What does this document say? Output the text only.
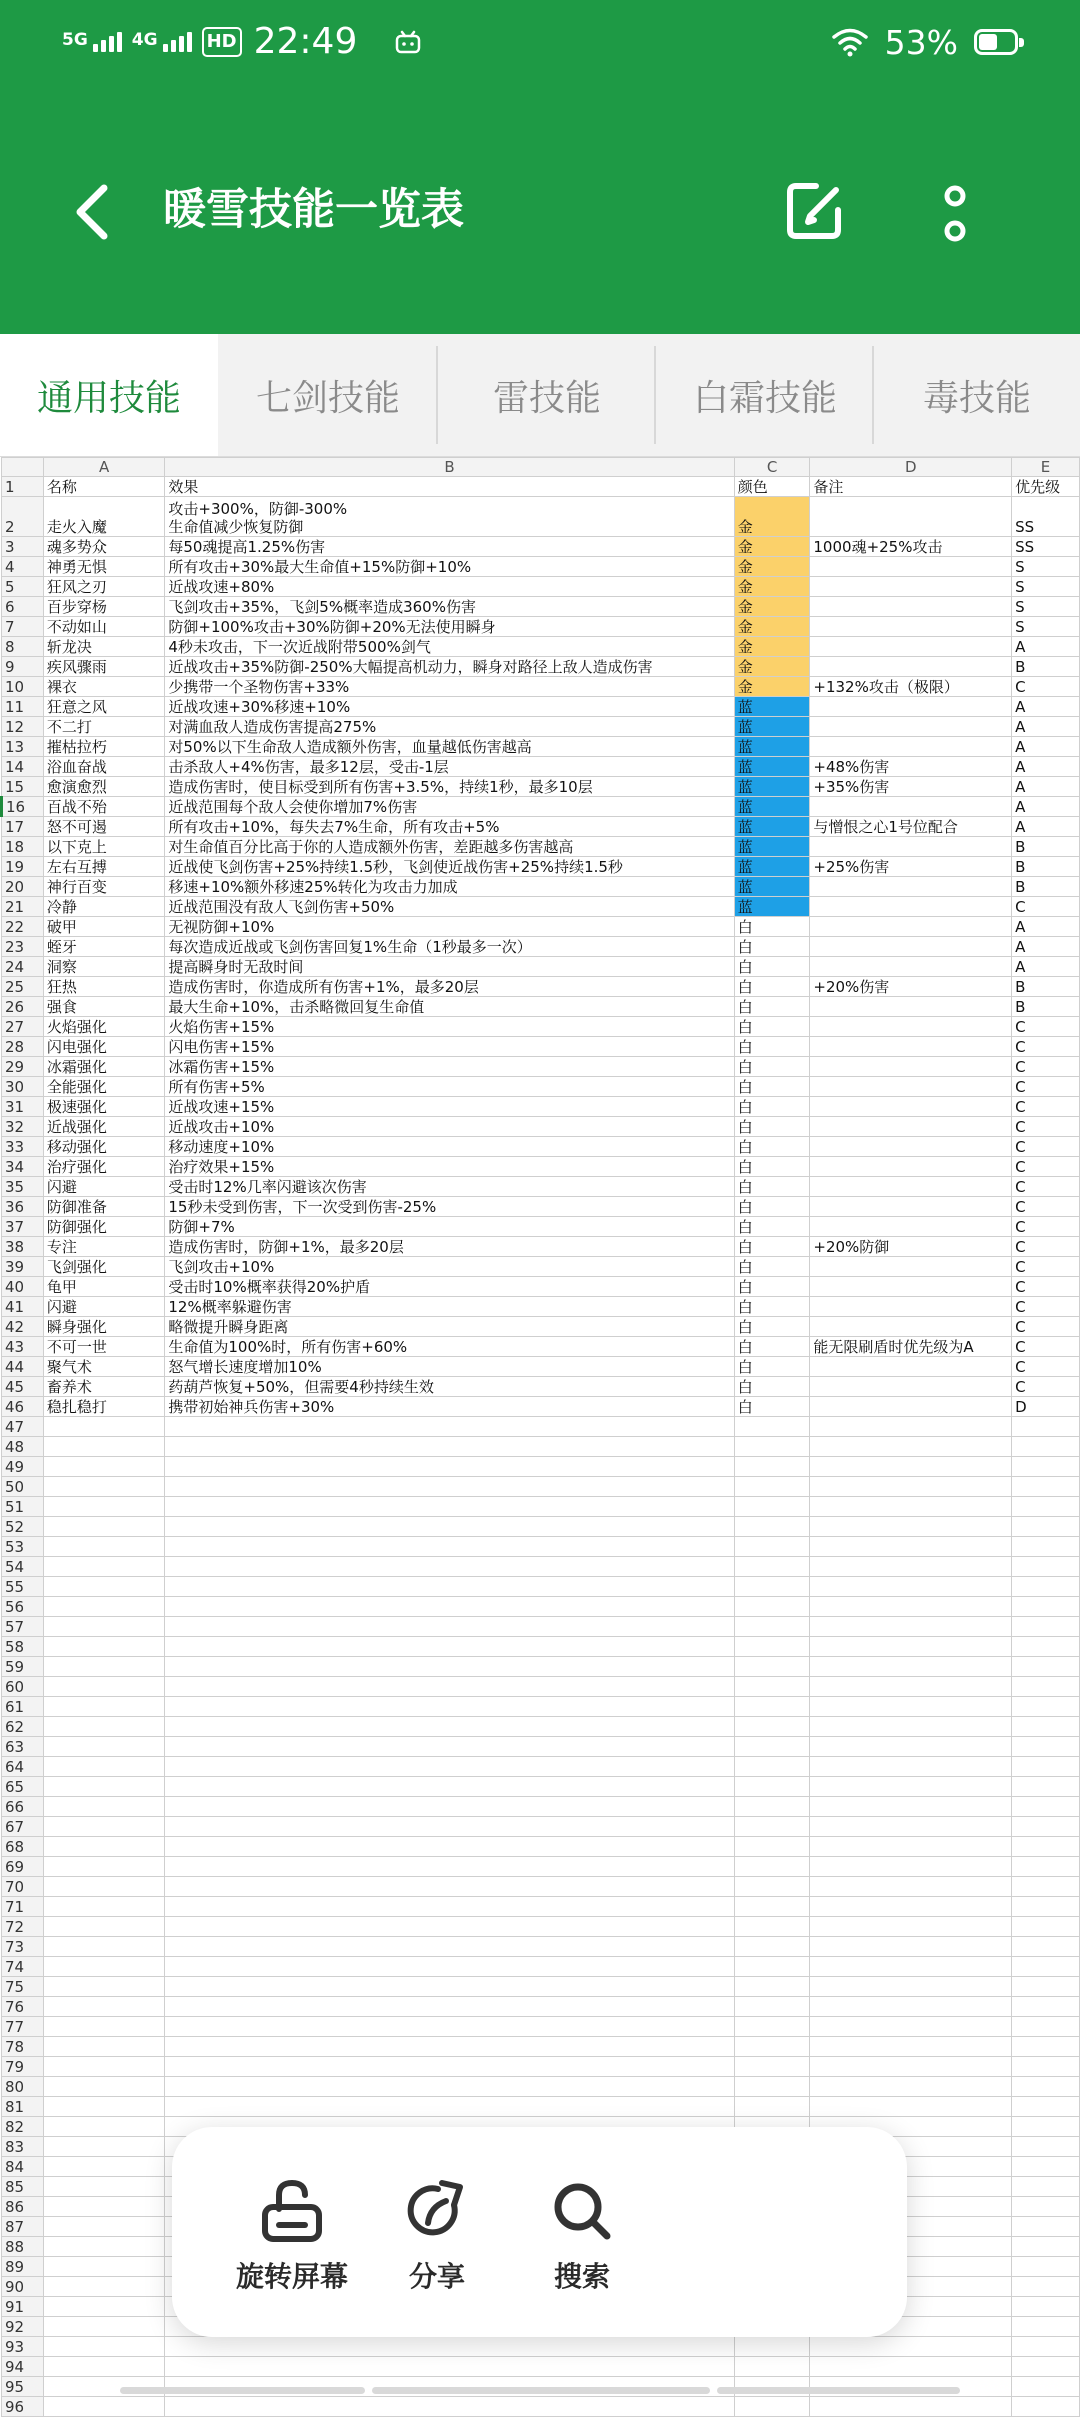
5G	4G	HD 22:49	53%
暖雪技能一览表
通用技能	七剑技能	雷技能	白霜技能	毒技能
	A	B	C	D	E
1	名称	效果	颜色	备注	优先级
2	走火入魔	攻击+300%，防御-300%
生命值减少恢复防御	金		SS
3	魂多势众	每50魂提高1.25%伤害	金	1000魂+25%攻击	SS
4	神勇无惧	所有攻击+30%最大生命值+15%防御+10%	金		S
5	狂风之刃	近战攻速+80%	金		S
6	百步穿杨	飞剑攻击+35%，飞剑5%概率造成360%伤害	金		S
7	不动如山	防御+100%攻击+30%防御+20%无法使用瞬身	金		S
8	斩龙决	4秒未攻击，下一次近战附带500%剑气	金		A
9	疾风骤雨	近战攻击+35%防御-250%大幅提高机动力，瞬身对路径上敌人造成伤害	金		B
10	裸衣	少携带一个圣物伤害+33%	金	+132%攻击（极限）	C
11	狂意之风	近战攻速+30%移速+10%	蓝		A
12	不二打	对满血敌人造成伤害提高275%	蓝		A
13	摧枯拉朽	对50%以下生命敌人造成额外伤害，血量越低伤害越高	蓝		A
14	浴血奋战	击杀敌人+4%伤害，最多12层，受击-1层	蓝	+48%伤害	A
15	愈演愈烈	造成伤害时，使目标受到所有伤害+3.5%，持续1秒，最多10层	蓝	+35%伤害	A
16	百战不殆	近战范围每个敌人会使你增加7%伤害	蓝		A
17	怒不可遏	所有攻击+10%，每失去7%生命，所有攻击+5%	蓝	与憎恨之心1号位配合	A
18	以下克上	对生命值百分比高于你的人造成额外伤害，差距越多伤害越高	蓝		B
19	左右互搏	近战使飞剑伤害+25%持续1.5秒，飞剑使近战伤害+25%持续1.5秒	蓝	+25%伤害	B
20	神行百变	移速+10%额外移速25%转化为攻击力加成	蓝		B
21	冷静	近战范围没有敌人飞剑伤害+50%	蓝		C
22	破甲	无视防御+10%	白		A
23	蛭牙	每次造成近战或飞剑伤害回复1%生命（1秒最多一次）	白		A
24	洞察	提高瞬身时无敌时间	白		A
25	狂热	造成伤害时，你造成所有伤害+1%，最多20层	白	+20%伤害	B
26	强食	最大生命+10%，击杀略微回复生命值	白		B
27	火焰强化	火焰伤害+15%	白		C
28	闪电强化	闪电伤害+15%	白		C
29	冰霜强化	冰霜伤害+15%	白		C
30	全能强化	所有伤害+5%	白		C
31	极速强化	近战攻速+15%	白		C
32	近战强化	近战攻击+10%	白		C
33	移动强化	移动速度+10%	白		C
34	治疗强化	治疗效果+15%	白		C
35	闪避	受击时12%几率闪避该次伤害	白		C
36	防御准备	15秒未受到伤害，下一次受到伤害-25%	白		C
37	防御强化	防御+7%	白		C
38	专注	造成伤害时，防御+1%，最多20层	白	+20%防御	C
39	飞剑强化	飞剑攻击+10%	白		C
40	龟甲	受击时10%概率获得20%护盾	白		C
41	闪避	12%概率躲避伤害	白		C
42	瞬身强化	略微提升瞬身距离	白		C
43	不可一世	生命值为100%时，所有伤害+60%	白	能无限刷盾时优先级为A	C
44	聚气术	怒气增长速度增加10%	白		C
45	畜养术	药葫芦恢复+50%，但需要4秒持续生效	白		C
46	稳扎稳打	携带初始神兵伤害+30%	白		D
47					
48					
49					
50					
51					
52					
53					
54					
55					
56					
57					
58					
59					
60					
61					
62					
63					
64					
65					
66					
67					
68					
69					
70					
71					
72					
73					
74					
75					
76					
77					
78					
79					
80					
81					
82					
83					
84					
85					
86					
87					
88					
89					
90					
91					
92					
93					
94					
95					
96					
旋转屏幕	分享	搜索
